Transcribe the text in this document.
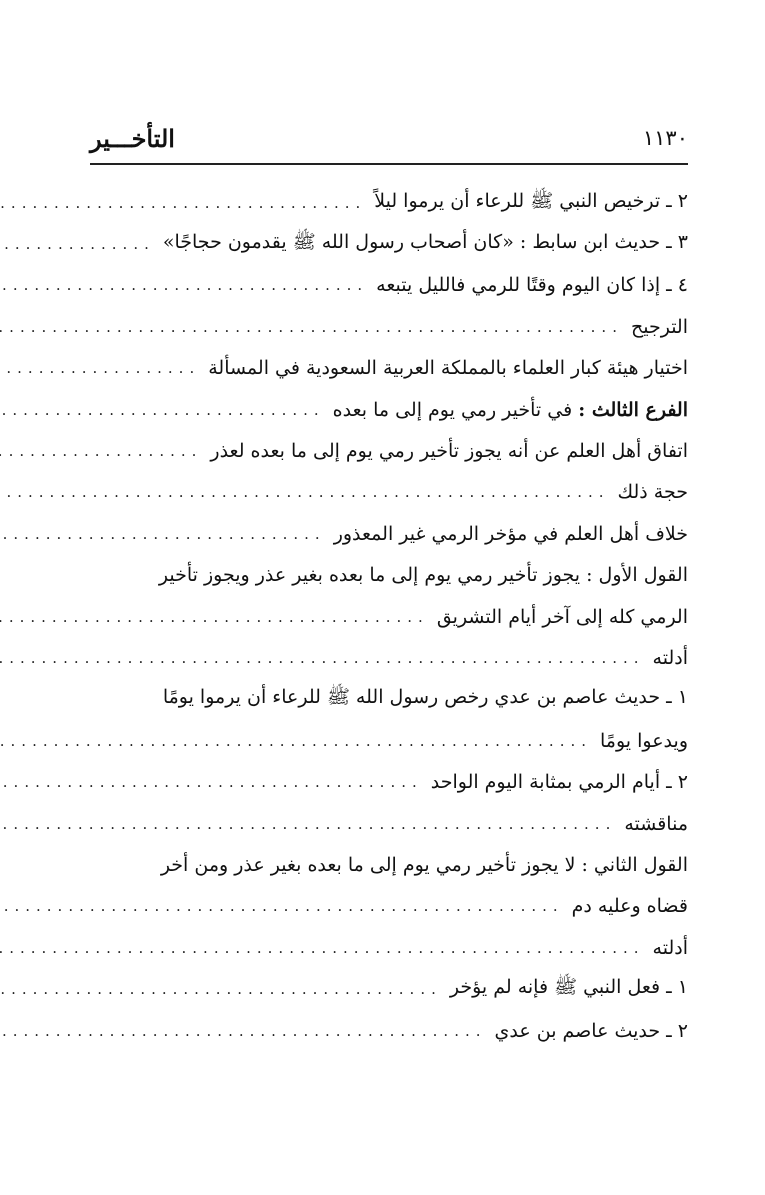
١١٣٠
التأخـــير
٢ ـ ترخيص النبي ﷺ للرعاء أن يرموا ليلاً
.....
٣ ـ حديث ابن سابط : «كان أصحاب رسول الله ﷺ يقدمون حجاجًا»
.....
٤ ـ إذا كان اليوم وقتًا للرمي فالليل يتبعه
.....
الترجيح
.....
اختيار هيئة كبار العلماء بالمملكة العربية السعودية في المسألة
.....
الفرع الثالث : في تأخير رمي يوم إلى ما بعده
.....
اتفاق أهل العلم عن أنه يجوز تأخير رمي يوم إلى ما بعده لعذر
.....
حجة ذلك
.....
خلاف أهل العلم في مؤخر الرمي غير المعذور
.....
القول الأول : يجوز تأخير رمي يوم إلى ما بعده بغير عذر ويجوز تأخير
الرمي كله إلى آخر أيام التشريق
.....
أدلته
.....
١ ـ حديث عاصم بن عدي رخص رسول الله ﷺ للرعاء أن يرموا يومًا
ويدعوا يومًا
.....
٢ ـ أيام الرمي بمثابة اليوم الواحد
.....
مناقشته
.....
القول الثاني : لا يجوز تأخير رمي يوم إلى ما بعده بغير عذر ومن أخر
قضاه وعليه دم
.....
أدلته
.....
١ ـ فعل النبي ﷺ فإنه لم يؤخر
.....
٢ ـ حديث عاصم بن عدي
.....
